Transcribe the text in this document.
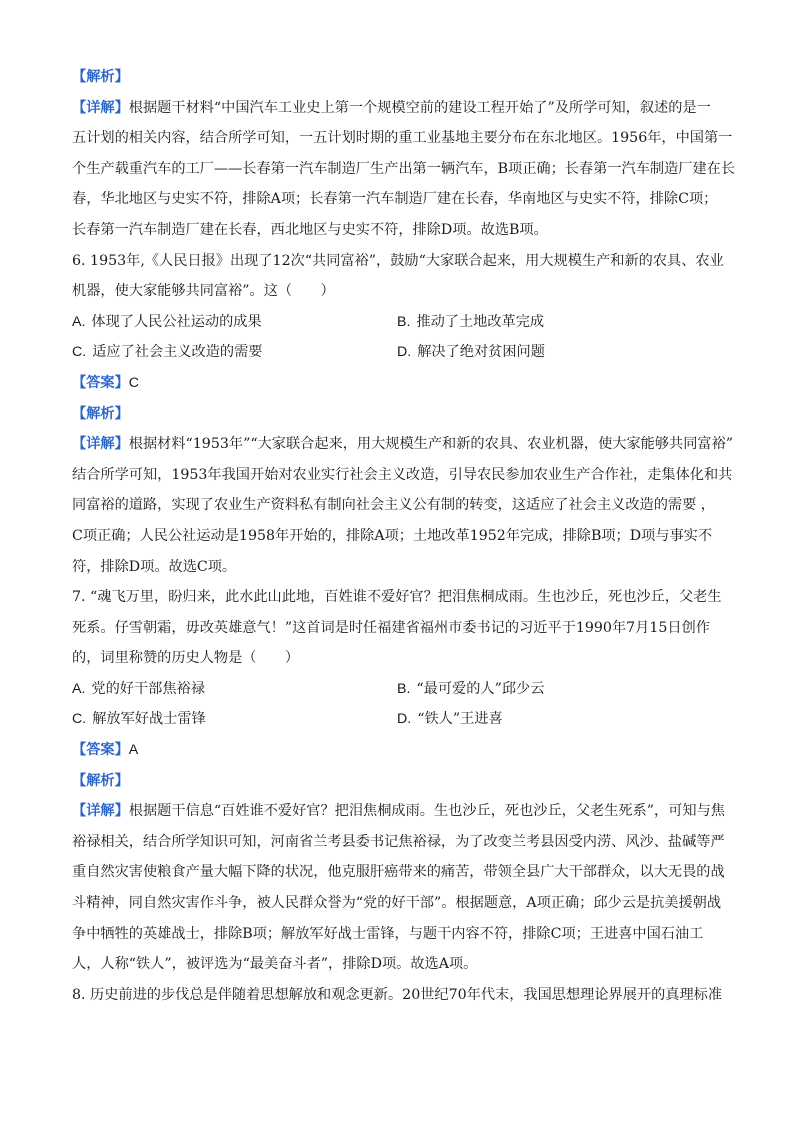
【解析】
【详解】根据题干材料“中国汽车工业史上第一个规模空前的建设工程开始了”及所学可知，叙述的是一
五计划的相关内容，结合所学可知，一五计划时期的重工业基地主要分布在东北地区。1956年，中国第一
个生产载重汽车的工厂——长春第一汽车制造厂生产出第一辆汽车，B项正确；长春第一汽车制造厂建在长
春，华北地区与史实不符，排除A项；长春第一汽车制造厂建在长春，华南地区与史实不符，排除C项；
长春第一汽车制造厂建在长春，西北地区与史实不符，排除D项。故选B项。
6. 1953年,《人民日报》出现了12次“共同富裕”，鼓励“大家联合起来，用大规模生产和新的农具、农业
机器，使大家能够共同富裕”。这（　　）
A. 体现了人民公社运动的成果	B. 推动了土地改革完成
C. 适应了社会主义改造的需要	D. 解决了绝对贫困问题
【答案】C
【解析】
【详解】根据材料“1953年”“大家联合起来，用大规模生产和新的农具、农业机器，使大家能够共同富裕”
结合所学可知，1953年我国开始对农业实行社会主义改造，引导农民参加农业生产合作社，走集体化和共
同富裕的道路，实现了农业生产资料私有制向社会主义公有制的转变，这适应了社会主义改造的需要 ，
C项正确；人民公社运动是1958年开始的，排除A项；土地改革1952年完成，排除B项；D项与事实不
符，排除D项。故选C项。
7. “魂飞万里，盼归来，此水此山此地，百姓谁不爱好官？把泪焦桐成雨。生也沙丘，死也沙丘，父老生
死系。仔雪朝霜，毋改英雄意气！”这首词是时任福建省福州市委书记的习近平于1990年7月15日创作
的，词里称赞的历史人物是（　　）
A. 党的好干部焦裕禄	B. “最可爱的人”邱少云
C. 解放军好战士雷锋	D. “铁人”王进喜
【答案】A
【解析】
【详解】根据题干信息“百姓谁不爱好官？把泪焦桐成雨。生也沙丘，死也沙丘，父老生死系”，可知与焦
裕禄相关，结合所学知识可知，河南省兰考县委书记焦裕禄，为了改变兰考县因受内涝、风沙、盐碱等严
重自然灾害使粮食产量大幅下降的状况，他克服肝癌带来的痛苦，带领全县广大干部群众，以大无畏的战
斗精神，同自然灾害作斗争，被人民群众誉为“党的好干部”。根据题意，A项正确；邱少云是抗美援朝战
争中牺牲的英雄战士，排除B项；解放军好战士雷锋，与题干内容不符，排除C项；王进喜中国石油工
人，人称“铁人”，被评选为“最美奋斗者”，排除D项。故选A项。
8. 历史前进的步伐总是伴随着思想解放和观念更新。20世纪70年代末，我国思想理论界展开的真理标准
